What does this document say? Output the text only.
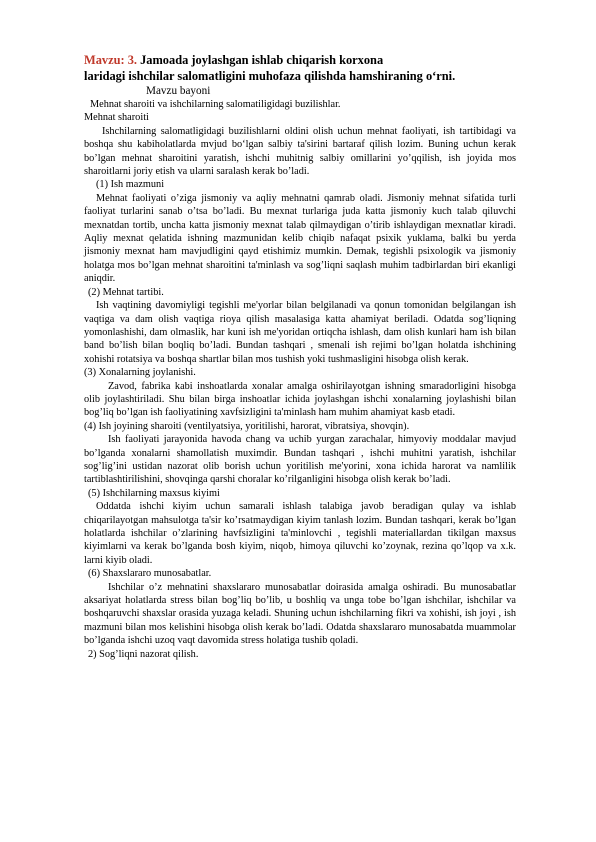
Mavzu: 3. Jamoada joylashgan ishlab chiqarish korxona
laridagi ishchilar salomatligini muhofaza qilishda hamshiraning o‘rni.
Mavzu bayoni

Mehnat sharoiti va ishchilarning salomatiligidagi buzilishlar.

Mehnat sharoiti

Ishchilarning salomatligidagi buzilishlarni oldini olish uchun mehnat faoliyati, ish tartibidagi va boshqa shu kabiholatlarda mvjud bo‘lgan salbiy ta'sirini bartaraf qilish lozim. Buning uchun kerak bo’lgan mehnat sharoitini yaratish, ishchi muhitnig salbiy omillarini yo’qqilish, ish joyida mos sharoitlarni joriy etish va ularni saralash kerak bo’ladi.

(1) Ish mazmuni

Mehnat faoliyati o’ziga jismoniy va aqliy mehnatni qamrab oladi. Jismoniy mehnat sifatida turli faoliyat turlarini sanab o’tsa bo’ladi. Bu mexnat turlariga juda katta jismoniy kuch talab qiluvchi mexnatdan tortib, uncha katta jismoniy mexnat talab qilmaydigan o’tirib ishlaydigan mexnatlar kiradi. Aqliy mexnat qelatida ishning mazmunidan kelib chiqib nafaqat psixik yuklama, balki bu yerda jismoniy mexnat ham mavjudligini qayd etishimiz mumkin. Demak, tegishli psixologik va jismoniy holatga mos bo’lgan mehnat sharoitini ta'minlash va sog’liqni saqlash muhim tadbirlardan biri ekanligi aniqdir.

(2) Mehnat tartibi.

Ish vaqtining davomiyligi tegishli me'yorlar bilan belgilanadi va qonun tomonidan belgilangan ish vaqtiga va dam olish vaqtiga rioya qilish masalasiga katta ahamiyat beriladi. Odatda sog’liqning yomonlashishi, dam olmaslik, har kuni ish me'yoridan ortiqcha ishlash, dam olish kunlari ham ish bilan band bo’lish bilan boqliq bo’ladi. Bundan tashqari , smenali ish rejimi bo’lgan holatda ishchining xohishi rotatsiya va boshqa shartlar bilan mos tushish yoki tushmasligini hisobga olish kerak.

(3) Xonalarning joylanishi.

Zavod, fabrika kabi inshoatlarda xonalar amalga oshirilayotgan ishning smaradorligini hisobga olib joylashtiriladi. Shu bilan birga inshoatlar ichida joylashgan ishchi xonalarning joylashishi bilan bog’liq bo’lgan ish faoliyatining xavfsizligini ta'minlash ham muhim ahamiyat kasb etadi.

(4) Ish joyining sharoiti (ventilyatsiya, yoritilishi, harorat, vibratsiya, shovqin).

Ish faoliyati jarayonida havoda chang va uchib yurgan zarachalar, himyoviy moddalar mavjud bo’lganda xonalarni shamollatish muximdir. Bundan tashqari , ishchi muhitni yaratish, ishchilar sog’lig’ini ustidan nazorat olib borish uchun yoritilish me'yorini, xona ichida harorat va namlilik tartiblashtirilishini, shovqinga qarshi choralar ko’rilganligini hisobga olish kerak bo’ladi.

(5) Ishchilarning maxsus kiyimi

Oddatda ishchi kiyim uchun samarali ishlash talabiga javob beradigan qulay va ishlab chiqarilayotgan mahsulotga ta'sir ko’rsatmaydigan kiyim tanlash lozim. Bundan tashqari, kerak bo’lgan holatlarda ishchilar o’zlarining havfsizligini ta'minlovchi , tegishli materiallardan tikilgan maxsus kiyimlarni va kerak bo’lganda bosh kiyim, niqob, himoya qiluvchi ko’zoynak, rezina qo’lqop va x.k. larni kiyib oladi.

(6) Shaxslararo munosabatlar.

Ishchilar o’z mehnatini shaxslararo munosabatlar doirasida amalga oshiradi. Bu munosabatlar aksariyat holatlarda stress bilan bog’liq bo’lib, u boshliq va unga tobe bo’lgan ishchilar, ishchilar va boshqaruvchi shaxslar orasida yuzaga keladi. Shuning uchun ishchilarning fikri va xohishi, ish joyi , ish mazmuni bilan mos kelishini hisobga olish kerak bo’ladi. Odatda shaxslararo munosabatda muammolar bo’lganda ishchi uzoq vaqt davomida stress holatiga tushib qoladi.

2) Sog’liqni nazorat qilish.
